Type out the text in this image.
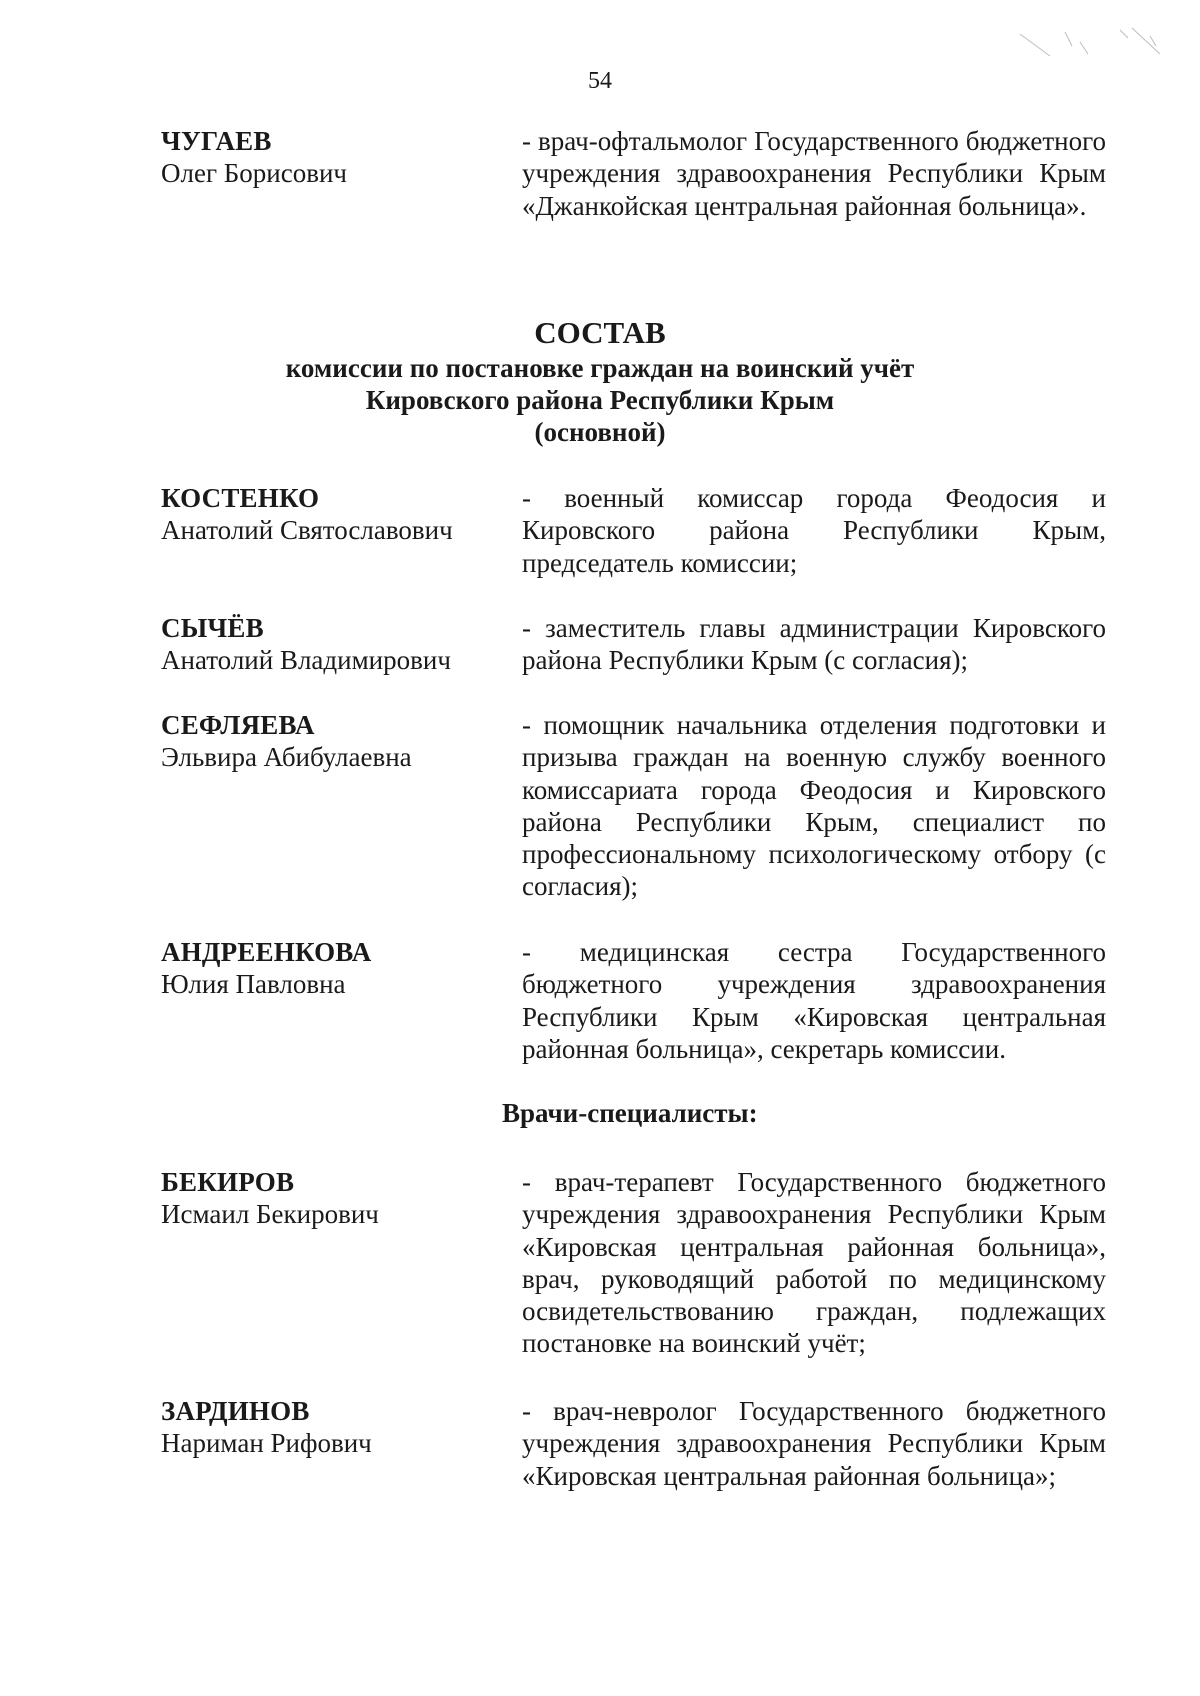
54
ЧУГАЕВ
Олег Борисович
- врач-офтальмолог Государственного бюджетного учреждения здравоохранения Республики Крым «Джанкойская центральная районная больница».
СОСТАВ
комиссии по постановке граждан на воинский учёт
Кировского района Республики Крым
(основной)
КОСТЕНКО
Анатолий Святославович
- военный комиссар города Феодосия и Кировского района Республики Крым, председатель комиссии;
СЫЧЁВ
Анатолий Владимирович
- заместитель главы администрации Кировского района Республики Крым (с согласия);
СЕФЛЯЕВА
Эльвира Абибулаевна
- помощник начальника отделения подготовки и призыва граждан на военную службу военного комиссариата города Феодосия и Кировского района Республики Крым, специалист по профессиональному психологическому отбору (с согласия);
АНДРЕЕНКОВА
Юлия Павловна
- медицинская сестра Государственного бюджетного учреждения здравоохранения Республики Крым «Кировская центральная районная больница», секретарь комиссии.
Врачи-специалисты:
БЕКИРОВ
Исмаил Бекирович
- врач-терапевт Государственного бюджетного учреждения здравоохранения Республики Крым «Кировская центральная районная больница», врач, руководящий работой по медицинскому освидетельствованию граждан, подлежащих постановке на воинский учёт;
ЗАРДИНОВ
Нариман Рифович
- врач-невролог Государственного бюджетного учреждения здравоохранения Республики Крым «Кировская центральная районная больница»;
